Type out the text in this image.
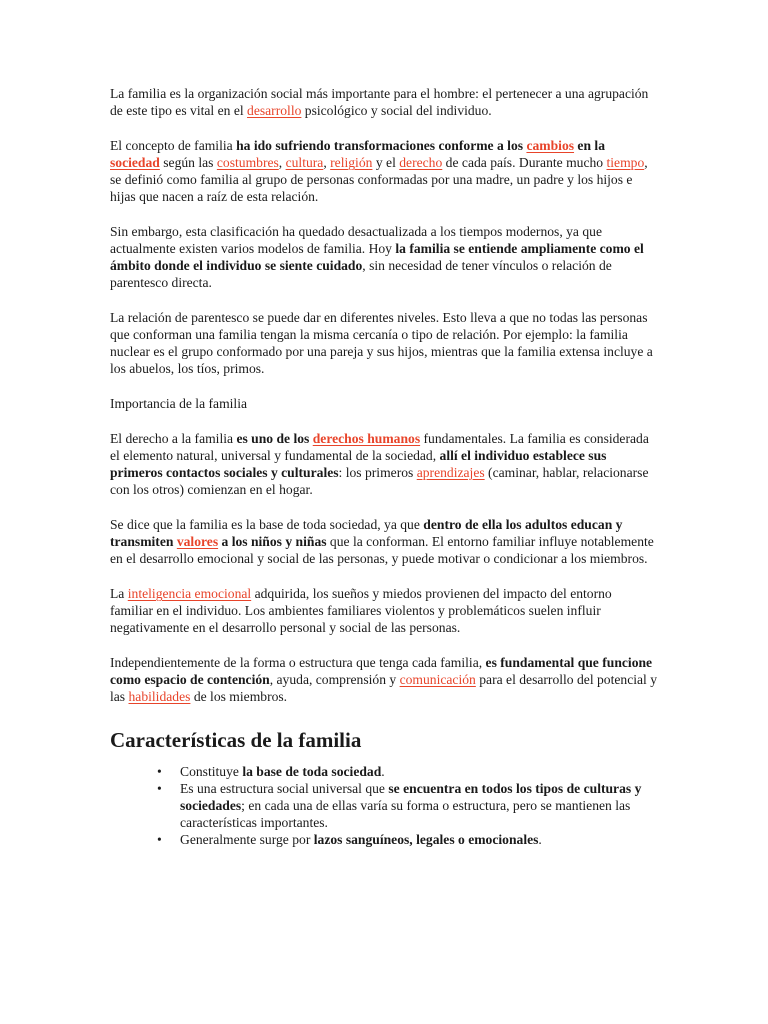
La familia es la organización social más importante para el hombre: el pertenecer a una agrupación de este tipo es vital en el desarrollo psicológico y social del individuo.

El concepto de familia ha ido sufriendo transformaciones conforme a los cambios en la sociedad según las costumbres, cultura, religión y el derecho de cada país. Durante mucho tiempo, se definió como familia al grupo de personas conformadas por una madre, un padre y los hijos e hijas que nacen a raíz de esta relación.

Sin embargo, esta clasificación ha quedado desactualizada a los tiempos modernos, ya que actualmente existen varios modelos de familia. Hoy la familia se entiende ampliamente como el ámbito donde el individuo se siente cuidado, sin necesidad de tener vínculos o relación de parentesco directa.

La relación de parentesco se puede dar en diferentes niveles. Esto lleva a que no todas las personas que conforman una familia tengan la misma cercanía o tipo de relación. Por ejemplo: la familia nuclear es el grupo conformado por una pareja y sus hijos, mientras que la familia extensa incluye a los abuelos, los tíos, primos.

Importancia de la familia

El derecho a la familia es uno de los derechos humanos fundamentales. La familia es considerada el elemento natural, universal y fundamental de la sociedad, allí el individuo establece sus primeros contactos sociales y culturales: los primeros aprendizajes (caminar, hablar, relacionarse con los otros) comienzan en el hogar.

Se dice que la familia es la base de toda sociedad, ya que dentro de ella los adultos educan y transmiten valores a los niños y niñas que la conforman. El entorno familiar influye notablemente en el desarrollo emocional y social de las personas, y puede motivar o condicionar a los miembros.

La inteligencia emocional adquirida, los sueños y miedos provienen del impacto del entorno familiar en el individuo. Los ambientes familiares violentos y problemáticos suelen influir negativamente en el desarrollo personal y social de las personas.

Independientemente de la forma o estructura que tenga cada familia, es fundamental que funcione como espacio de contención, ayuda, comprensión y comunicación para el desarrollo del potencial y las habilidades de los miembros.

Características de la familia
• Constituye la base de toda sociedad.
• Es una estructura social universal que se encuentra en todos los tipos de culturas y sociedades; en cada una de ellas varía su forma o estructura, pero se mantienen las características importantes.
• Generalmente surge por lazos sanguíneos, legales o emocionales.
